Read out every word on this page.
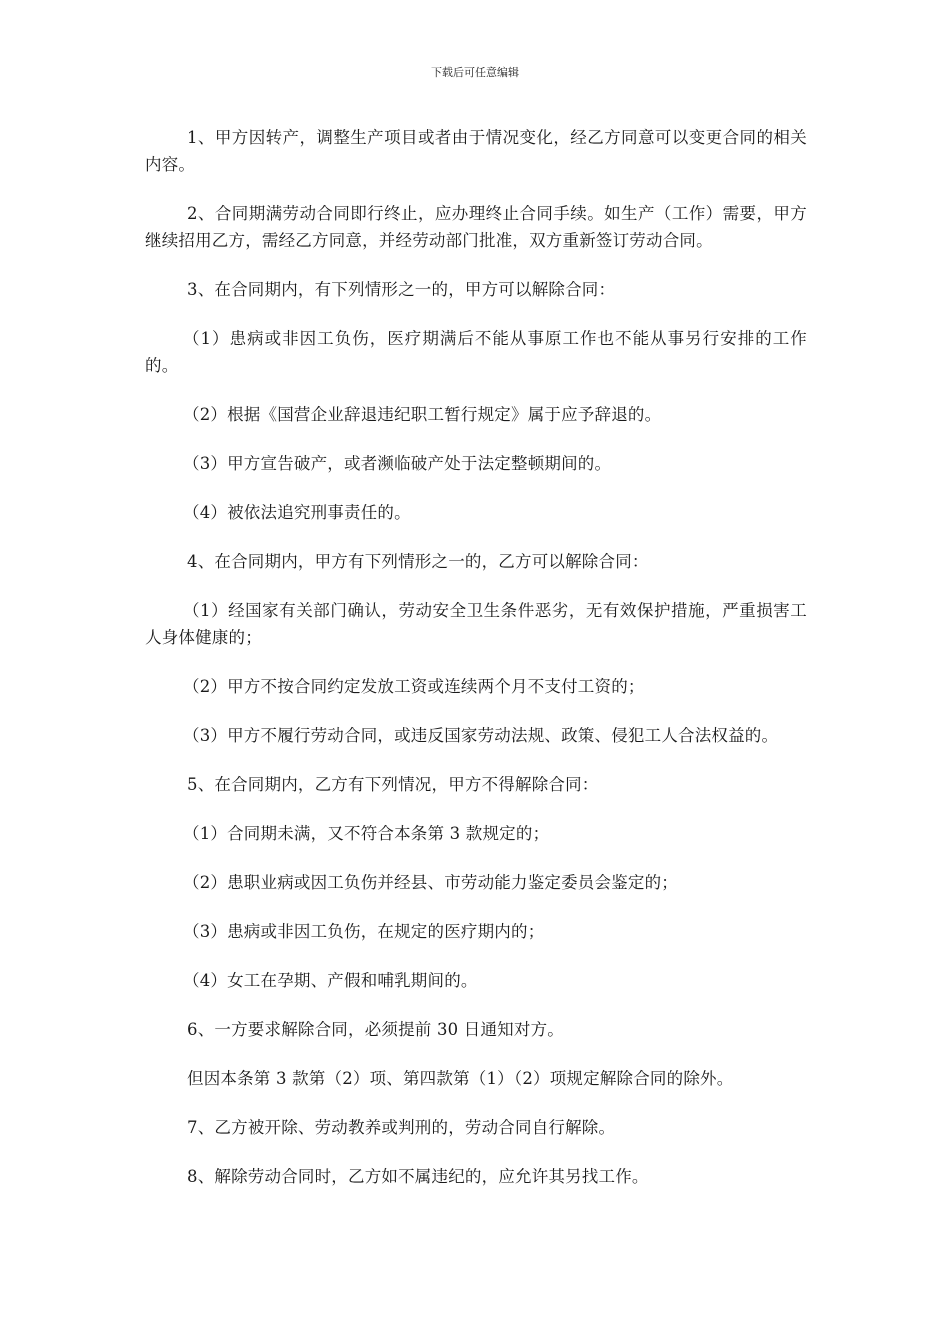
下载后可任意编辑

1、甲方因转产，调整生产项目或者由于情况变化，经乙方同意可以变更合同的相关内容。

2、合同期满劳动合同即行终止，应办理终止合同手续。如生产（工作）需要，甲方继续招用乙方，需经乙方同意，并经劳动部门批准，双方重新签订劳动合同。

3、在合同期内，有下列情形之一的，甲方可以解除合同：

（1）患病或非因工负伤，医疗期满后不能从事原工作也不能从事另行安排的工作的。

（2）根据《国营企业辞退违纪职工暂行规定》属于应予辞退的。

（3）甲方宣告破产，或者濒临破产处于法定整顿期间的。

（4）被依法追究刑事责任的。

4、在合同期内，甲方有下列情形之一的，乙方可以解除合同：

（1）经国家有关部门确认，劳动安全卫生条件恶劣，无有效保护措施，严重损害工人身体健康的；

（2）甲方不按合同约定发放工资或连续两个月不支付工资的；

（3）甲方不履行劳动合同，或违反国家劳动法规、政策、侵犯工人合法权益的。

5、在合同期内，乙方有下列情况，甲方不得解除合同：

（1）合同期未满，又不符合本条第 3 款规定的；

（2）患职业病或因工负伤并经县、市劳动能力鉴定委员会鉴定的；

（3）患病或非因工负伤，在规定的医疗期内的；

（4）女工在孕期、产假和哺乳期间的。

6、一方要求解除合同，必须提前 30 日通知对方。

但因本条第 3 款第（2）项、第四款第（1）（2）项规定解除合同的除外。

7、乙方被开除、劳动教养或判刑的，劳动合同自行解除。

8、解除劳动合同时，乙方如不属违纪的，应允许其另找工作。
